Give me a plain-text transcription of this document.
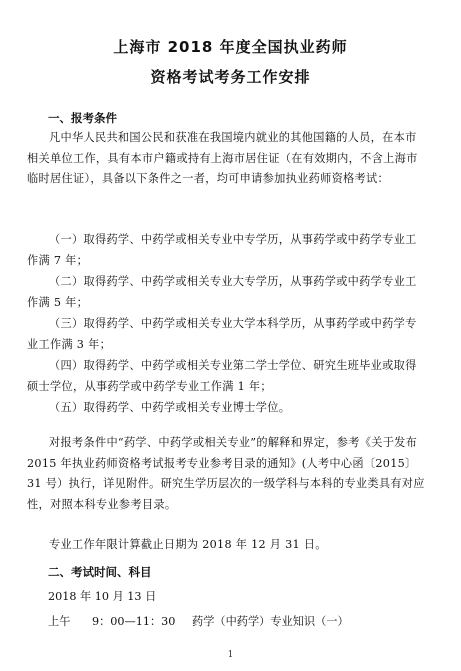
上海市 2018 年度全国执业药师
资格考试考务工作安排
一、报考条件

凡中华人民共和国公民和获准在我国境内就业的其他国籍的人员，在本市相关单位工作，具有本市户籍或持有上海市居住证（在有效期内，不含上海市临时居住证），具备以下条件之一者，均可申请参加执业药师资格考试：

（一）取得药学、中药学或相关专业中专学历，从事药学或中药学专业工作满 7 年；

（二）取得药学、中药学或相关专业大专学历，从事药学或中药学专业工作满 5 年；

（三）取得药学、中药学或相关专业大学本科学历，从事药学或中药学专业工作满 3 年；

（四）取得药学、中药学或相关专业第二学士学位、研究生班毕业或取得硕士学位，从事药学或中药学专业工作满 1 年；

（五）取得药学、中药学或相关专业博士学位。

对报考条件中“药学、中药学或相关专业”的解释和界定，参考《关于发布 2015 年执业药师资格考试报考专业参考目录的通知》(人考中心函〔2015〕31 号）执行，详见附件。研究生学历层次的一级学科与本科的专业类具有对应性，对照本科专业参考目录。

专业工作年限计算截止日期为 2018 年 12 月 31 日。

二、考试时间、科目
2018 年 10 月 13 日
上午 9：00—11：30 药学（中药学）专业知识（一）
1
